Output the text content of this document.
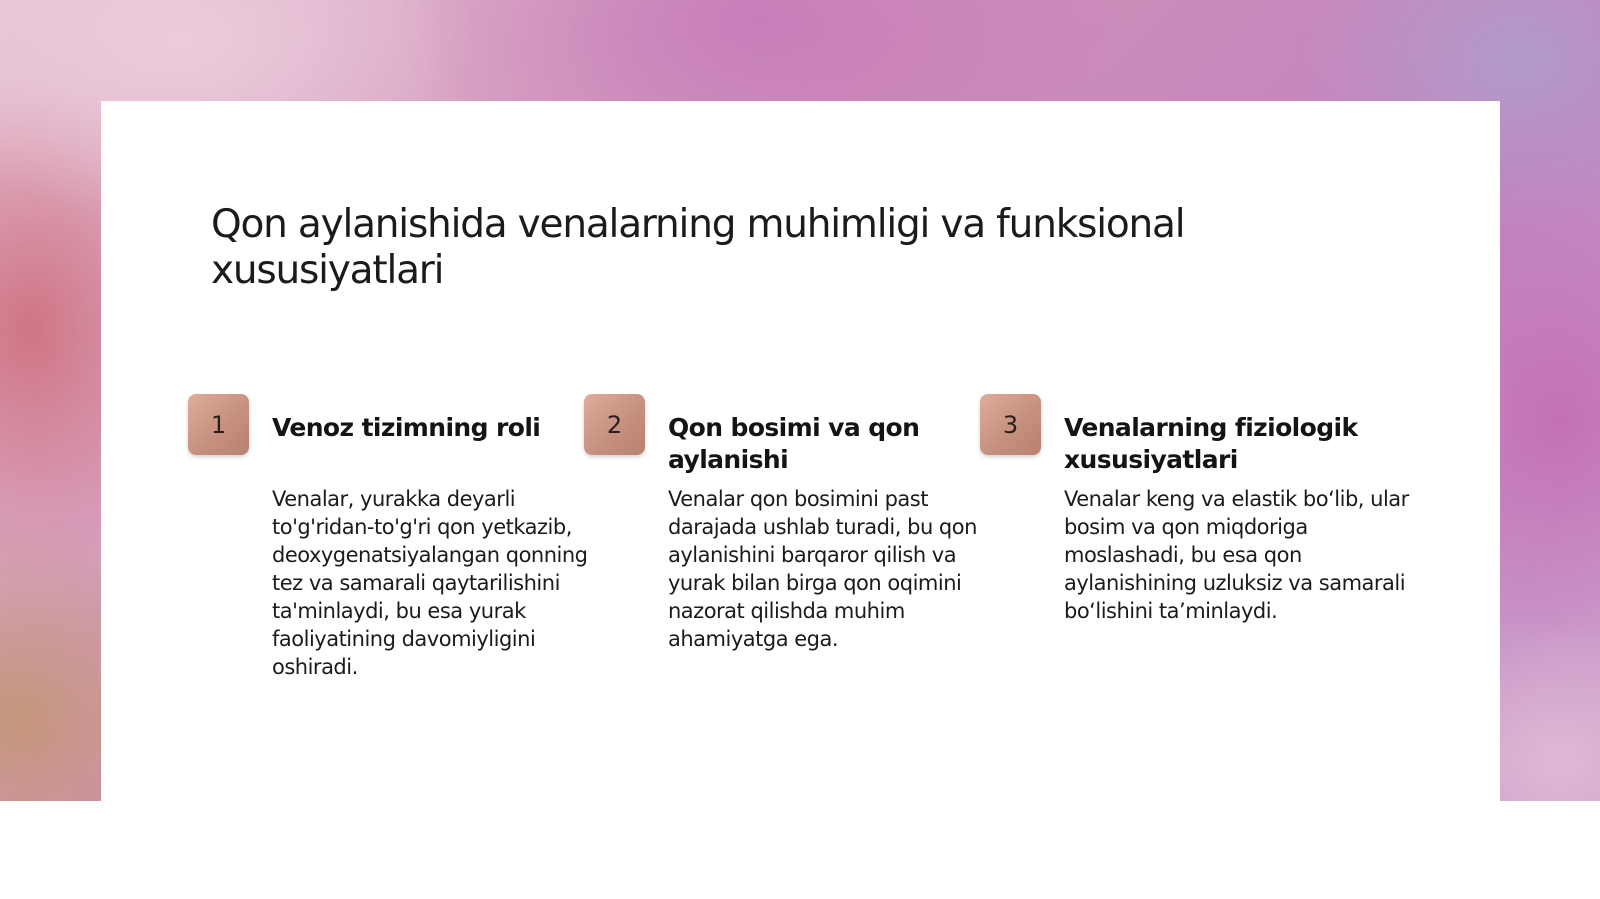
Qon aylanishida venalarning muhimligi va funksional xususiyatlari
1	Venoz tizimning roli

Venalar, yurakka deyarli to'g'ridan-to'g'ri qon yetkazib, deoxygenatsiyalangan qonning tez va samarali qaytarilishini ta'minlaydi, bu esa yurak faoliyatining davomiyligini oshiradi.

2	Qon bosimi va qon aylanishi

Venalar qon bosimini past darajada ushlab turadi, bu qon aylanishini barqaror qilish va yurak bilan birga qon oqimini nazorat qilishda muhim ahamiyatga ega.

3	Venalarning fiziologik xususiyatlari

Venalar keng va elastik bo‘lib, ular bosim va qon miqdoriga moslashadi, bu esa qon aylanishining uzluksiz va samarali bo‘lishini ta’minlaydi.
